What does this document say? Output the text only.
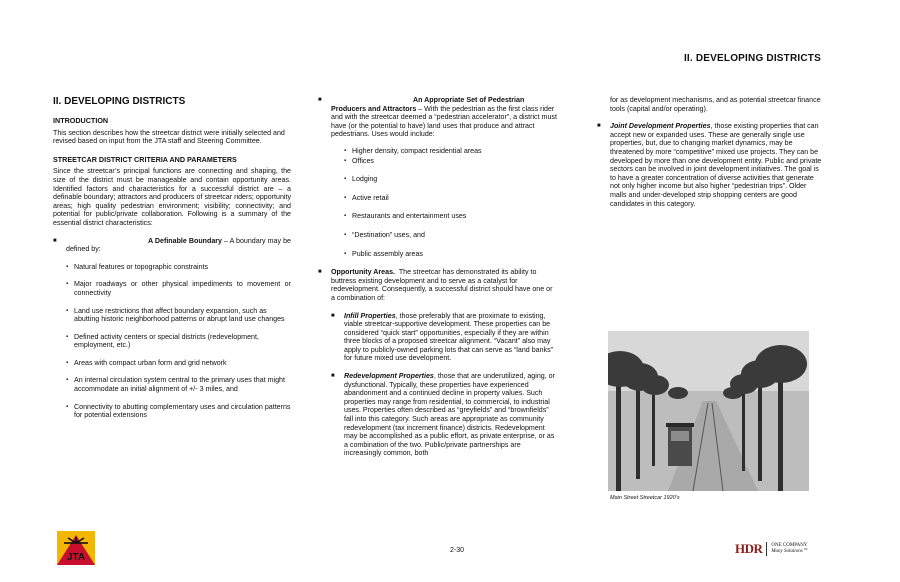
II. DEVELOPING DISTRICTS
II. DEVELOPING DISTRICTS
INTRODUCTION

This section describes how the streetcar district were initially selected and revised based on input from the JTA staff and Steering Committee.

STREETCAR DISTRICT CRITERIA AND PARAMETERS

Since the streetcar’s principal functions are connecting and shaping, the size of the district must be manageable and contain opportunity areas. Identified factors and characteristics for a successful district are – a definable boundary; attractors and producers of streetcar riders; opportunity areas; high quality pedestrian environment; visibility; connectivity; and potential for public/private collaboration. Following is a summary of the essential district characteristics:

■	A Definable Boundary – A boundary may be defined by:
▪ Natural features or topographic constraints
▪ Major roadways or other physical impediments to movement or connectivity
▪ Land use restrictions that affect boundary expansion, such as abutting historic neighborhood patterns or abrupt land use changes
▪ Defined activity centers or special districts (redevelopment, employment, etc.)
▪ Areas with compact urban form and grid network
▪ An internal circulation system central to the primary uses that might accommodate an initial alignment of +/- 3 miles, and
▪ Connectivity to abutting complementary uses and circulation patterns for potential extensions
■	An Appropriate Set of Pedestrian Producers and Attractors – With the pedestrian as the first class rider and with the streetcar deemed a “pedestrian accelerator”, a district must have (or the potential to have) land uses that produce and attract pedestrians. Uses would include:
▪ Higher density, compact residential areas
▪ Offices
▪ Lodging
▪ Active retail
▪ Restaurants and entertainment uses
▪ “Destination” uses, and
▪ Public assembly areas
■	Opportunity Areas. The streetcar has demonstrated its ability to buttress existing development and to serve as a catalyst for redevelopment. Consequently, a successful district should have one or a combination of:
■	Infill Properties, those preferably that are proximate to existing, viable streetcar-supportive development. These properties can be considered “quick start” opportunities, especially if they are within three blocks of a proposed streetcar alignment. “Vacant” also may apply to publicly-owned parking lots that can serve as “land banks” for future mixed use development.
■	Redevelopment Properties, those that are underutilized, aging, or dysfunctional. Typically, these properties have experienced abandonment and a continued decline in property values. Such properties may range from residential, to commercial, to industrial uses. Properties often described as “greyfields” and “brownfields” fall into this category. Such areas are appropriate as community redevelopment (tax increment finance) districts. Redevelopment may be accomplished as a public effort, as private enterprise, or as a combination of the two. Public/private partnerships are increasingly common, both

for as development mechanisms, and as potential streetcar finance tools (capital and/or operating).

■	Joint Development Properties, those existing properties that can accept new or expanded uses. These are generally single use properties, but, due to changing market dynamics, may be threatened by more “competitive” mixed use projects. They can be developed by more than one development entity. Public and private sectors can be involved in joint development initiatives. The goal is to have a greater concentration of diverse activities that generate not only higher income but also higher “pedestrian trips”. Older malls and under-developed strip shopping centers are good candidates in this category.
Main Street Streetcar 1920’s
JTA
2-30	HDR ONE COMPANY
Many Solutions℠
